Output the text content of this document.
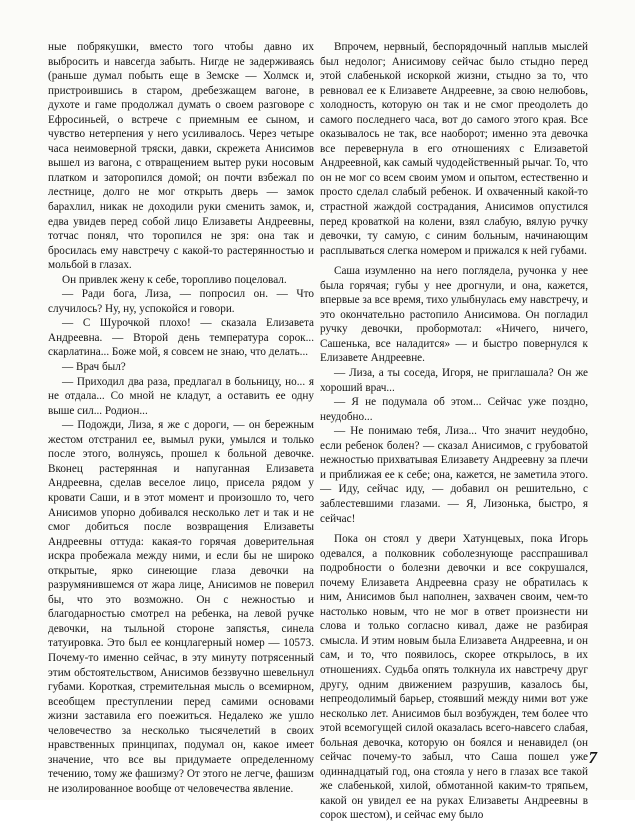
ные побрякушки, вместо того чтобы давно их выбросить и навсегда забыть. Нигде не задерживаясь (раньше думал побыть еще в Земске — Холмск и, пристроившись в старом, дребезжащем вагоне, в духоте и гаме продолжал думать о своем разговоре с Ефросиньей, о встрече с приемным ее сыном, и чувство нетерпения у него усиливалось. Через четыре часа неимоверной тряски, давки, скрежета Анисимов вышел из вагона, с отвращением вытер руки носовым платком и заторопился домой; он почти взбежал по лестнице, долго не мог открыть дверь — замок барахлил, никак не доходили руки сменить замок, и, едва увидев перед собой лицо Елизаветы Андреевны, тотчас понял, что торопился не зря: она так и бросилась ему навстречу с какой-то растерянностью и мольбой в глазах.

Он привлек жену к себе, торопливо поцеловал.

— Ради бога, Лиза, — попросил он. — Что случилось? Ну, ну, успокойся и говори.

— С Шурочкой плохо! — сказала Елизавета Андреевна. — Второй день температура сорок... скарлатина... Боже мой, я совсем не знаю, что делать...

— Врач был?

— Приходил два раза, предлагал в больницу, но... я не отдала... Со мной не кладут, а оставить ее одну выше сил... Родион...

— Подожди, Лиза, я же с дороги, — он бережным жестом отстранил ее, вымыл руки, умылся и только после этого, волнуясь, прошел к больной девочке. Вконец растерянная и напуганная Елизавета Андреевна, сделав веселое лицо, присела рядом у кровати Саши, и в этот момент и произошло то, чего Анисимов упорно добивался несколько лет и так и не смог добиться после возвращения Елизаветы Андреевны оттуда: какая-то горячая доверительная искра пробежала между ними, и если бы не широко открытые, ярко синеющие глаза девочки на разрумянившемся от жара лице, Анисимов не поверил бы, что это возможно. Он с нежностью и благодарностью смотрел на ребенка, на левой ручке девочки, на тыльной стороне запястья, синела татуировка. Это был ее концлагерный номер — 10573. Почему-то именно сейчас, в эту минуту потрясенный этим обстоятельством, Анисимов беззвучно шевельнул губами. Короткая, стремительная мысль о всемирном, всеобщем преступлении перед самими основами жизни заставила его поежиться. Недалеко же ушло человечество за несколько тысячелетий в своих нравственных принципах, подумал он, какое имеет значение, что все вы придумаете определенному течению, тому же фашизму? От этого не легче, фашизм не изолированное вообще от человечества явление.

Впрочем, нервный, беспорядочный наплыв мыслей был недолог; Анисимову сейчас было стыдно перед этой слабенькой искоркой жизни, стыдно за то, что ревновал ее к Елизавете Андреевне, за свою нелюбовь, холодность, которую он так и не смог преодолеть до самого последнего часа, вот до самого этого края. Все оказывалось не так, все наоборот; именно эта девочка все перевернула в его отношениях с Елизаветой Андреевной, как самый чудодейственный рычаг. То, что он не мог со всем своим умом и опытом, естественно и просто сделал слабый ребенок. И охваченный какой-то страстной жаждой сострадания, Анисимов опустился перед кроваткой на колени, взял слабую, вялую ручку девочки, ту самую, с синим больным, начинающим расплываться слегка номером и прижался к ней губами.

Саша изумленно на него поглядела, ручонка у нее была горячая; губы у нее дрогнули, и она, кажется, впервые за все время, тихо улыбнулась ему навстречу, и это окончательно растопило Анисимова. Он погладил ручку девочки, пробормотал: «Ничего, ничего, Сашенька, все наладится» — и быстро повернулся к Елизавете Андреевне.

— Лиза, а ты соседа, Игоря, не приглашала? Он же хороший врач...

— Я не подумала об этом... Сейчас уже поздно, неудобно...

— Не понимаю тебя, Лиза... Что значит неудобно, если ребенок болен? — сказал Анисимов, с грубоватой нежностью прихватывая Елизавету Андреевну за плечи и приближая ее к себе; она, кажется, не заметила этого. — Иду, сейчас иду, — добавил он решительно, с заблестевшими глазами. — Я, Лизонька, быстро, я сейчас!

Пока он стоял у двери Хатунцевых, пока Игорь одевался, а полковник соболезнующе расспрашивал подробности о болезни девочки и все сокрушался, почему Елизавета Андреевна сразу не обратилась к ним, Анисимов был наполнен, захвачен своим, чем-то настолько новым, что не мог в ответ произнести ни слова и только согласно кивал, даже не разбирая смысла. И этим новым была Елизавета Андреевна, и он сам, и то, что появилось, скорее открылось, в их отношениях. Судьба опять толкнула их навстречу друг другу, одним движением разрушив, казалось бы, непреодолимый барьер, стоявший между ними вот уже несколько лет. Анисимов был возбужден, тем более что этой всемогущей силой оказалась всего-навсего слабая, больная девочка, которую он боялся и ненавидел (он сейчас почему-то забыл, что Саша пошел уже одиннадцатый год, она стояла у него в глазах все такой же слабенькой, хилой, обмотанной каким-то тряпьем, какой он увидел ее на руках Елизаветы Андреевны в сорок шестом), и сейчас ему было

7
